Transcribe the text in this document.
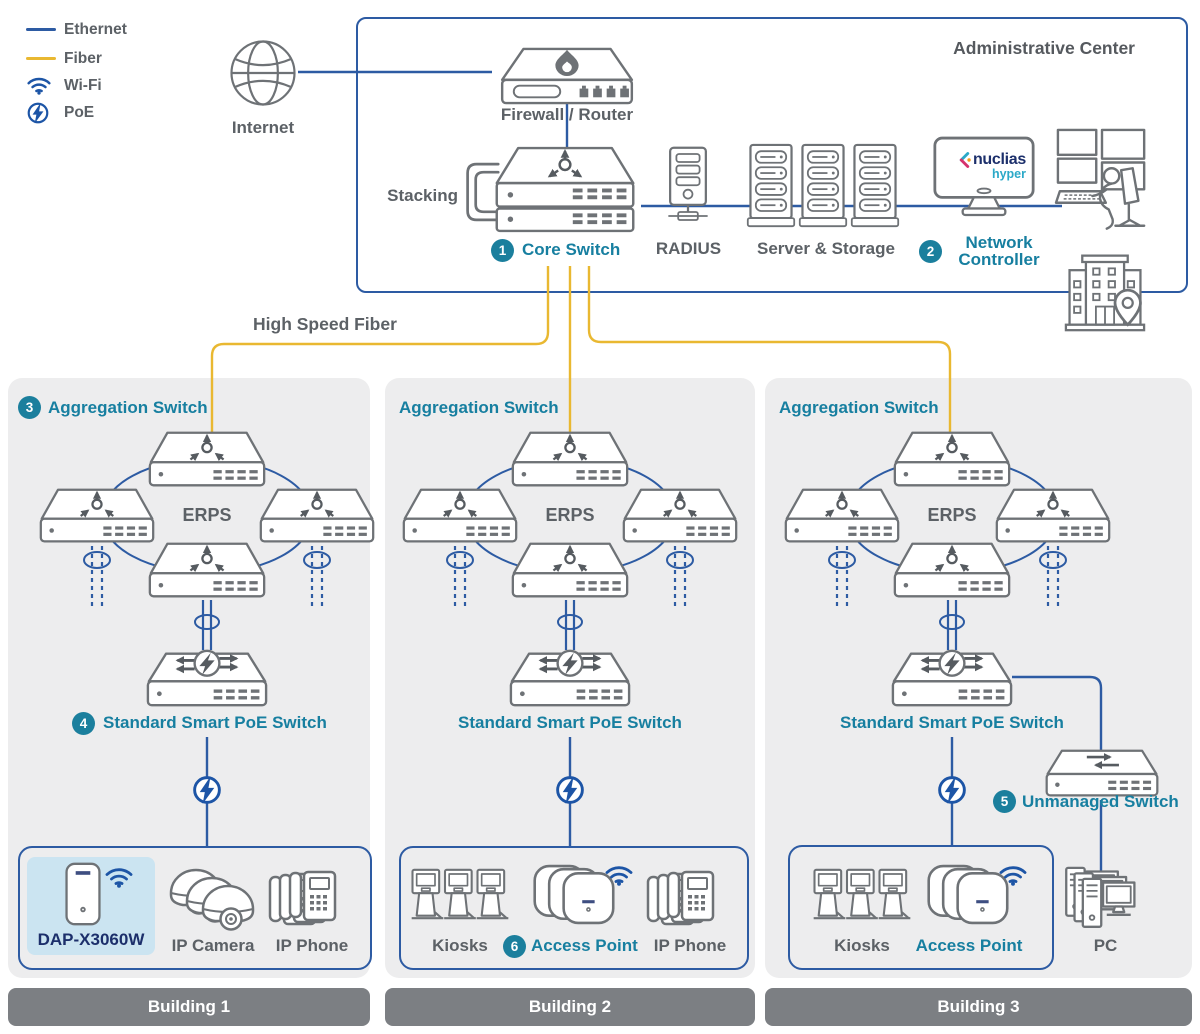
Ethernet
Fiber
Wi-Fi
PoE
Internet
Administrative Center
Firewall / Router
Stacking
1 Core Switch	RADIUS	Server & Storage
nuclias
hyper
2	Network
Controller
High Speed Fiber
3 Aggregation Switch
ERPS
4 Standard Smart PoE Switch
DAP-X3060W	IP Camera	IP Phone
Building 1
Aggregation Switch
ERPS
Standard Smart PoE Switch
Kiosks	6 Access Point IP Phone
Building 2
Aggregation Switch
ERPS
Standard Smart PoE Switch
5 Unmanaged Switch
Kiosks	Access Point	PC
Building 3
